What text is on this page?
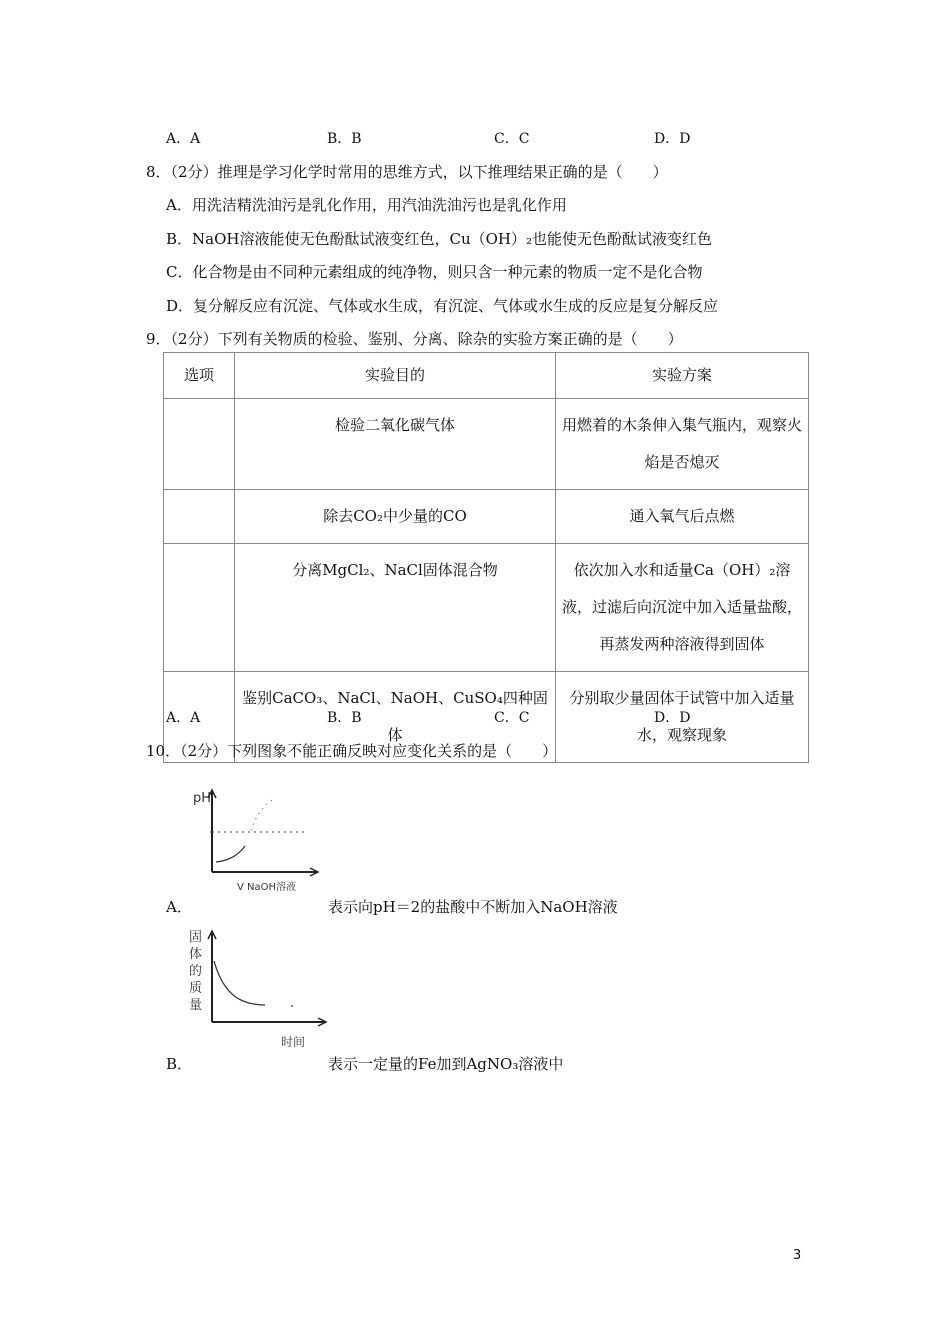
A．A	B．B	C．C	D．D
8．（2分）推理是学习化学时常用的思维方式，以下推理结果正确的是（　　）
A．用洗洁精洗油污是乳化作用，用汽油洗油污也是乳化作用
B．NaOH溶液能使无色酚酞试液变红色，Cu（OH）₂也能使无色酚酞试液变红色
C．化合物是由不同种元素组成的纯净物，则只含一种元素的物质一定不是化合物
D．复分解反应有沉淀、气体或水生成，有沉淀、气体或水生成的反应是复分解反应
9．（2分）下列有关物质的检验、鉴别、分离、除杂的实验方案正确的是（　　）
选项	实验目的	实验方案
	检验二氧化碳气体	用燃着的木条伸入集气瓶内，观察火焰是否熄灭
	除去CO₂中少量的CO	通入氧气后点燃
	分离MgCl₂、NaCl固体混合物	依次加入水和适量Ca（OH）₂溶液，过滤后向沉淀中加入适量盐酸，再蒸发两种溶液得到固体
	鉴别CaCO₃、NaCl、NaOH、CuSO₄四种固体	分别取少量固体于试管中加入适量水，观察现象
A．A	B．B	C．C	D．D
10．（2分）下列图象不能正确反映对应变化关系的是（　　）
pH
V NaOH溶液
A．	表示向pH＝2的盐酸中不断加入NaOH溶液
固
体
的
质
量
时间
B．	表示一定量的Fe加到AgNO₃溶液中
3
